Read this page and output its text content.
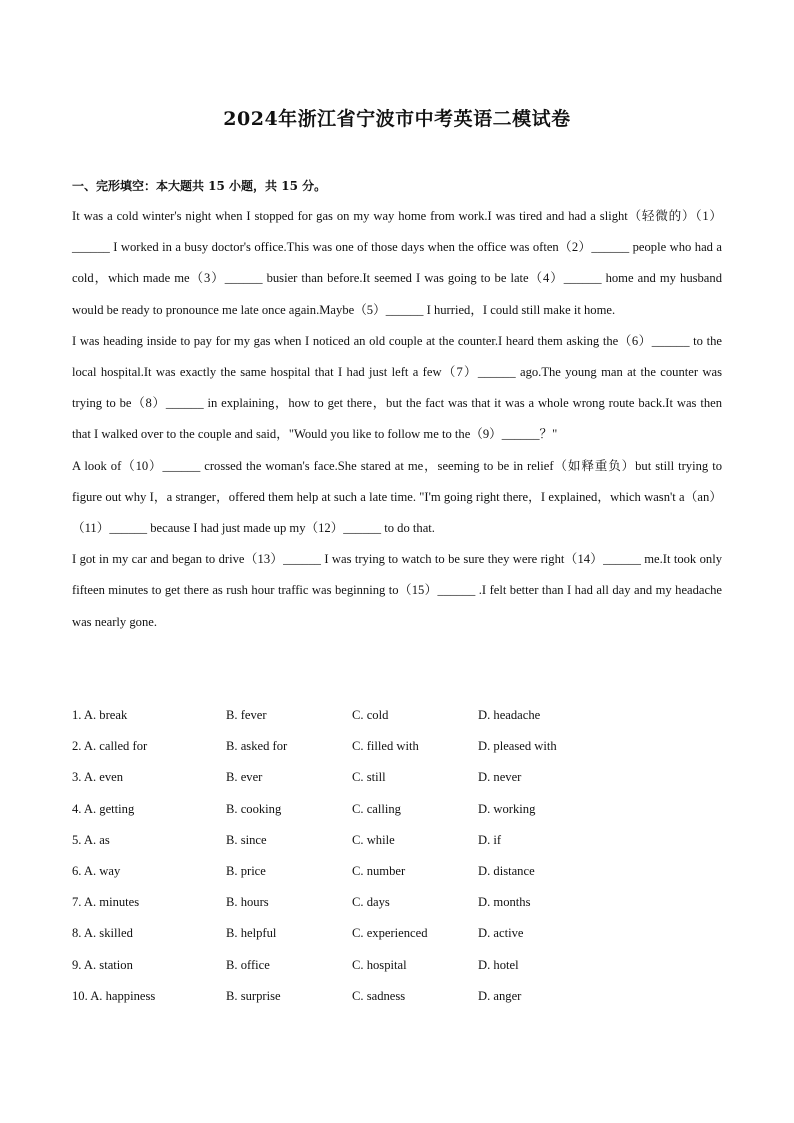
2024年浙江省宁波市中考英语二模试卷
一、完形填空：本大题共 15 小题，共 15 分。

It was a cold winter's night when I stopped for gas on my way home from work.I was tired and had a slight（轻微的）（1）______ I worked in a busy doctor's office.This was one of those days when the office was often（2）______ people who had a cold，which made me（3）______ busier than before.It seemed I was going to be late（4）______ home and my husband would be ready to pronounce me late once again.Maybe（5）______ I hurried，I could still make it home.

I was heading inside to pay for my gas when I noticed an old couple at the counter.I heard them asking the（6）______ to the local hospital.It was exactly the same hospital that I had just left a few（7）______ ago.The young man at the counter was trying to be（8）______ in explaining，how to get there，but the fact was that it was a whole wrong route back.It was then that I walked over to the couple and said，"Would you like to follow me to the（9）______？"

A look of（10）______ crossed the woman's face.She stared at me，seeming to be in relief（如释重负）but still trying to figure out why I，a stranger，offered them help at such a late time. "I'm going right there，I explained，which wasn't a（an）（11）______ because I had just made up my（12）______ to do that.

I got in my car and began to drive（13）______ I was trying to watch to be sure they were right（14）______ me.It took only fifteen minutes to get there as rush hour traffic was beginning to（15）______ .I felt better than I had all day and my headache was nearly gone.

1. A. break	B. fever	C. cold	D. headache
2. A. called for	B. asked for	C. filled with	D. pleased with
3. A. even	B. ever	C. still	D. never
4. A. getting	B. cooking	C. calling	D. working
5. A. as	B. since	C. while	D. if
6. A. way	B. price	C. number	D. distance
7. A. minutes	B. hours	C. days	D. months
8. A. skilled	B. helpful	C. experienced	D. active
9. A. station	B. office	C. hospital	D. hotel
10. A. happiness	B. surprise	C. sadness	D. anger
